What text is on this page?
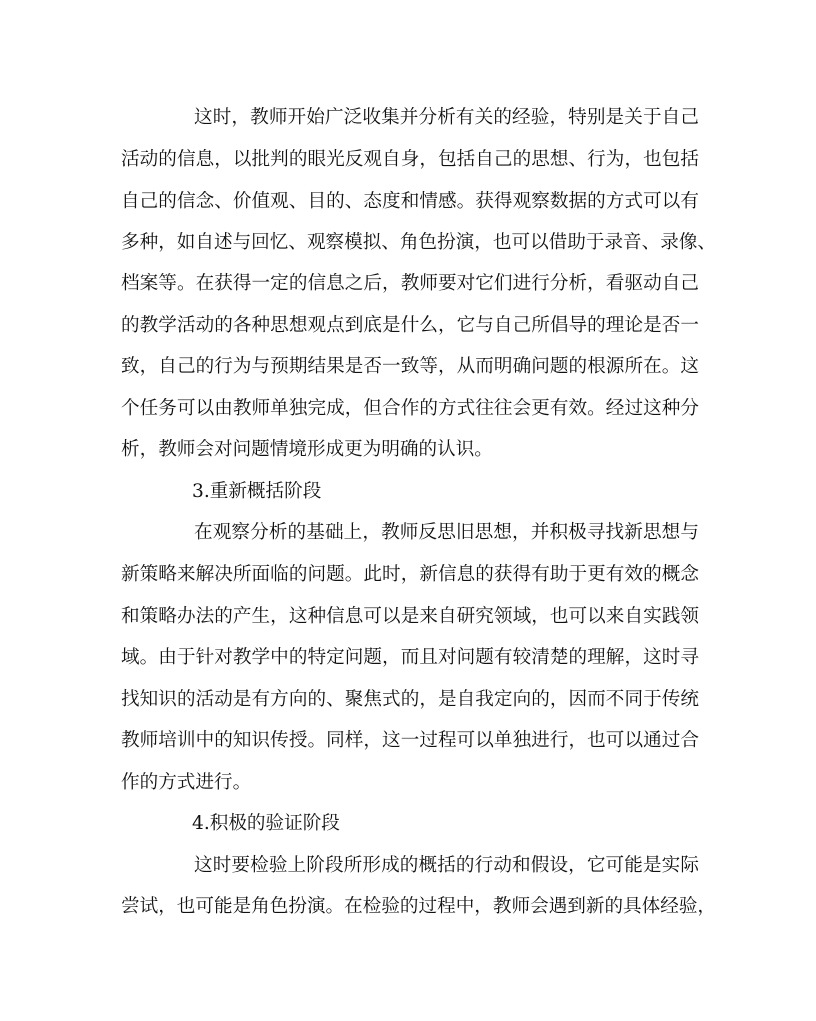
这时，教师开始广泛收集并分析有关的经验，特别是关于自己
活动的信息，以批判的眼光反观自身，包括自己的思想、行为，也包括
自己的信念、价值观、目的、态度和情感。获得观察数据的方式可以有
多种，如自述与回忆、观察模拟、角色扮演，也可以借助于录音、录像、
档案等。在获得一定的信息之后，教师要对它们进行分析，看驱动自己
的教学活动的各种思想观点到底是什么，它与自己所倡导的理论是否一
致，自己的行为与预期结果是否一致等，从而明确问题的根源所在。这
个任务可以由教师单独完成，但合作的方式往往会更有效。经过这种分
析，教师会对问题情境形成更为明确的认识。
3.重新概括阶段
在观察分析的基础上，教师反思旧思想，并积极寻找新思想与
新策略来解决所面临的问题。此时，新信息的获得有助于更有效的概念
和策略办法的产生，这种信息可以是来自研究领域，也可以来自实践领
域。由于针对教学中的特定问题，而且对问题有较清楚的理解，这时寻
找知识的活动是有方向的、聚焦式的，是自我定向的，因而不同于传统
教师培训中的知识传授。同样，这一过程可以单独进行，也可以通过合
作的方式进行。
4.积极的验证阶段
这时要检验上阶段所形成的概括的行动和假设，它可能是实际
尝试，也可能是角色扮演。在检验的过程中，教师会遇到新的具体经验，
